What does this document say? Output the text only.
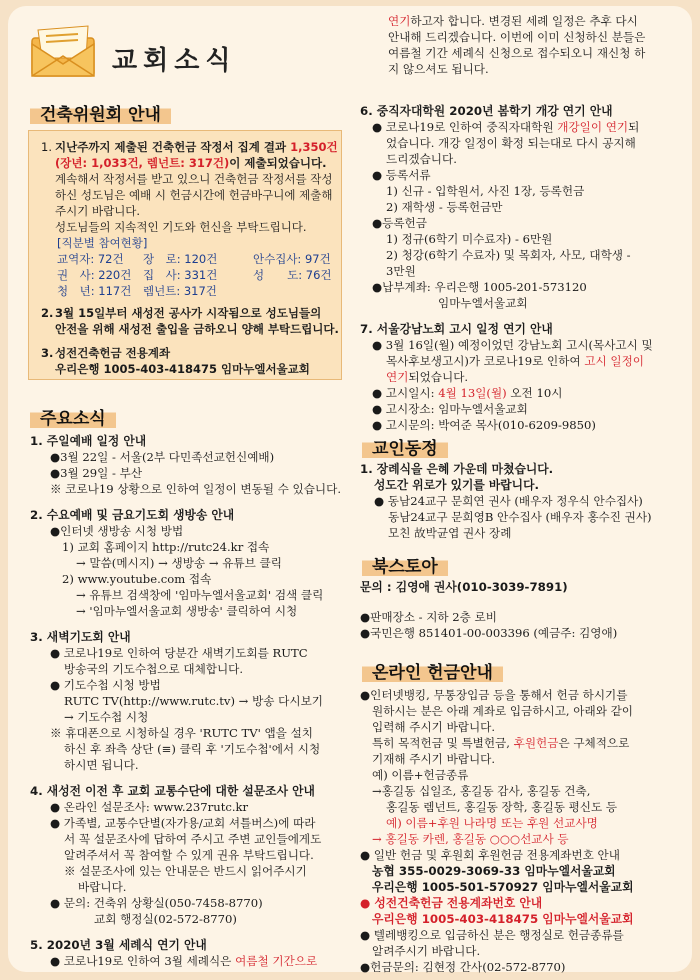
교회소식
건축위원회 안내
1. 지난주까지 제출된 건축헌금 작정서 집계 결과 1,350건
(장년: 1,033건, 렘넌트: 317건)이 제출되었습니다.
계속해서 작정서를 받고 있으니 건축헌금 작정서를 작성
하신 성도님은 예배 시 헌금시간에 헌금바구니에 제출해
주시기 바랍니다.
성도님들의 지속적인 기도와 헌신을 부탁드립니다.
[직분별 참여현황]
교역자: 72건 장　로: 120건	안수집사: 97건
권　사: 220건 집　사: 331건	성　　도: 76건
청　년: 117건 렘넌트: 317건
2. 3월 15일부터 새성전 공사가 시작됨으로 성도님들의
안전을 위해 새성전 출입을 금하오니 양해 부탁드립니다.
3. 성전건축헌금 전용계좌
우리은행 1005-403-418475 임마누엘서울교회
주요소식
1. 주일예배 일정 안내
●3월 22일 - 서울(2부 다민족선교헌신예배)
●3월 29일 - 부산
※ 코로나19 상황으로 인하여 일정이 변동될 수 있습니다.
2. 수요예배 및 금요기도회 생방송 안내
●인터넷 생방송 시청 방법
1) 교회 홈페이지 http://rutc24.kr 접속
→ 말씀(메시지) → 생방송 → 유튜브 클릭
2) www.youtube.com 접속
→ 유튜브 검색창에 '임마누엘서울교회' 검색 클릭
→ '임마누엘서울교회 생방송' 클릭하여 시청
3. 새벽기도회 안내
● 코로나19로 인하여 당분간 새벽기도회를 RUTC
방송국의 기도수첩으로 대체합니다.
● 기도수첩 시청 방법
RUTC TV(http://www.rutc.tv) → 방송 다시보기
→ 기도수첩 시청
※ 휴대폰으로 시청하실 경우 'RUTC TV' 앱을 설치
하신 후 좌측 상단 (≡) 클릭 후 '기도수첩'에서 시청
하시면 됩니다.
4. 새성전 이전 후 교회 교통수단에 대한 설문조사 안내
● 온라인 설문조사: www.237rutc.kr
● 가족별, 교통수단별(자가용/교회 셔틀버스)에 따라
서 꼭 설문조사에 답하여 주시고 주변 교인들에게도
알려주셔서 꼭 참여할 수 있게 권유 부탁드립니다.
※ 설문조사에 있는 안내문은 반드시 읽어주시기
바랍니다.
● 문의: 건축위 상황실(050-7458-8770)
교회 행정실(02-572-8770)
5. 2020년 3월 세례식 연기 안내
● 코로나19로 인하여 3월 세례식은 여름철 기간으로
연기하고자 합니다. 변경된 세례 일정은 추후 다시
안내해 드리겠습니다. 이번에 이미 신청하신 분들은
여름철 기간 세례식 신청으로 접수되오니 재신청 하
지 않으셔도 됩니다.
6. 중직자대학원 2020년 봄학기 개강 연기 안내
● 코로나19로 인하여 중직자대학원 개강일이 연기되
었습니다. 개강 일정이 확정 되는대로 다시 공지해
드리겠습니다.
● 등록서류
1) 신규 - 입학원서, 사진 1장, 등록헌금
2) 재학생 - 등록헌금만
●등록헌금
1) 정규(6학기 미수료자) - 6만원
2) 청강(6학기 수료자) 및 목회자, 사모, 대학생 -
3만원
●납부계좌: 우리은행 1005-201-573120
임마누엘서울교회
7. 서울강남노회 고시 일정 연기 안내
● 3월 16일(월) 예정이었던 강남노회 고시(목사고시 및
목사후보생고시)가 코로나19로 인하여 고시 일정이
연기되었습니다.
● 고시일시: 4월 13일(월) 오전 10시
● 고시장소: 임마누엘서울교회
● 고시문의: 박여준 목사(010-6209-9850)
교인동정
1. 장례식을 은혜 가운데 마쳤습니다.
성도간 위로가 있기를 바랍니다.
● 동남24교구 문희연 권사 (배우자 정우식 안수집사)
동남24교구 문희영B 안수집사 (배우자 홍수진 권사)
모친 故박균엽 권사 장례
북스토아
문의 : 김영애 권사(010-3039-7891)
●판매장소 - 지하 2층 로비
●국민은행 851401-00-003396 (예금주: 김영애)
온라인 헌금안내
●인터넷뱅킹, 무통장입금 등을 통해서 헌금 하시기를
원하시는 분은 아래 계좌로 입금하시고, 아래와 같이
입력해 주시기 바랍니다.
특히 목적헌금 및 특별헌금, 후원헌금은 구체적으로
기재해 주시기 바랍니다.
예) 이름+헌금종류
→홍길동 십일조, 홍길동 감사, 홍길동 건축,
홍길동 렘넌트, 홍길동 장학, 홍길동 평신도 등
예) 이름+후원 나라명 또는 후원 선교사명
→ 홍길동 카렌, 홍길동 ○○○선교사 등
● 일반 헌금 및 후원회 후원헌금 전용계좌번호 안내
농협 355-0029-3069-33 임마누엘서울교회
우리은행 1005-501-570927 임마누엘서울교회
● 성전건축헌금 전용계좌번호 안내
우리은행 1005-403-418475 임마누엘서울교회
● 텔레뱅킹으로 입금하신 분은 행정실로 헌금종류를
알려주시기 바랍니다.
●헌금문의: 김현정 간사(02-572-8770)
